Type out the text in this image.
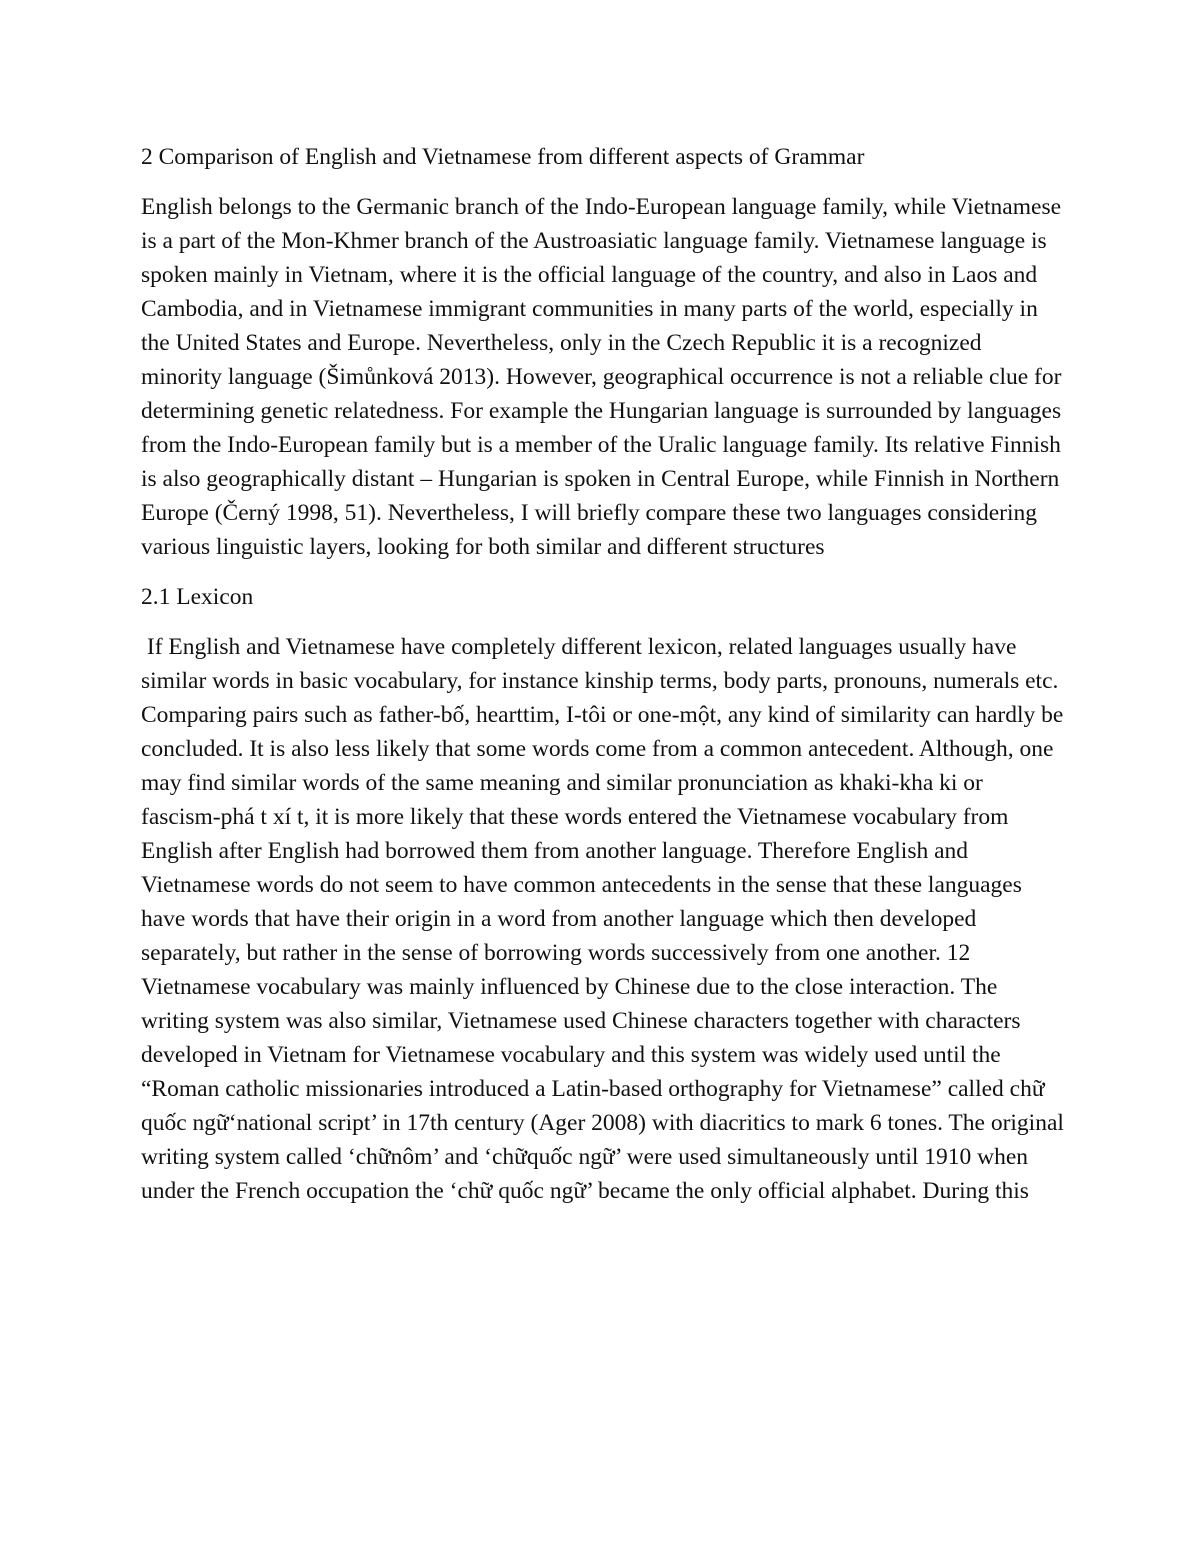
2 Comparison of English and Vietnamese from different aspects of Grammar

English belongs to the Germanic branch of the Indo-European language family, while Vietnamese is a part of the Mon-Khmer branch of the Austroasiatic language family. Vietnamese language is spoken mainly in Vietnam, where it is the official language of the country, and also in Laos and Cambodia, and in Vietnamese immigrant communities in many parts of the world, especially in the United States and Europe. Nevertheless, only in the Czech Republic it is a recognized minority language (Šimůnková 2013). However, geographical occurrence is not a reliable clue for determining genetic relatedness. For example the Hungarian language is surrounded by languages from the Indo-European family but is a member of the Uralic language family. Its relative Finnish is also geographically distant – Hungarian is spoken in Central Europe, while Finnish in Northern Europe (Černý 1998, 51). Nevertheless, I will briefly compare these two languages considering various linguistic layers, looking for both similar and different structures

2.1 Lexicon

If English and Vietnamese have completely different lexicon, related languages usually have similar words in basic vocabulary, for instance kinship terms, body parts, pronouns, numerals etc. Comparing pairs such as father-bố, hearttim, I-tôi or one-một, any kind of similarity can hardly be concluded. It is also less likely that some words come from a common antecedent. Although, one may find similar words of the same meaning and similar pronunciation as khaki-kha ki or fascism-phá t xí t, it is more likely that these words entered the Vietnamese vocabulary from English after English had borrowed them from another language. Therefore English and Vietnamese words do not seem to have common antecedents in the sense that these languages have words that have their origin in a word from another language which then developed separately, but rather in the sense of borrowing words successively from one another. 12 Vietnamese vocabulary was mainly influenced by Chinese due to the close interaction. The writing system was also similar, Vietnamese used Chinese characters together with characters developed in Vietnam for Vietnamese vocabulary and this system was widely used until the “Roman catholic missionaries introduced a Latin-based orthography for Vietnamese” called chữ quốc ngữ‘national script’ in 17th century (Ager 2008) with diacritics to mark 6 tones. The original writing system called ‘chữnôm’ and ‘chữquốc ngữ’ were used simultaneously until 1910 when under the French occupation the ‘chữ quốc ngữ’ became the only official alphabet. During this
